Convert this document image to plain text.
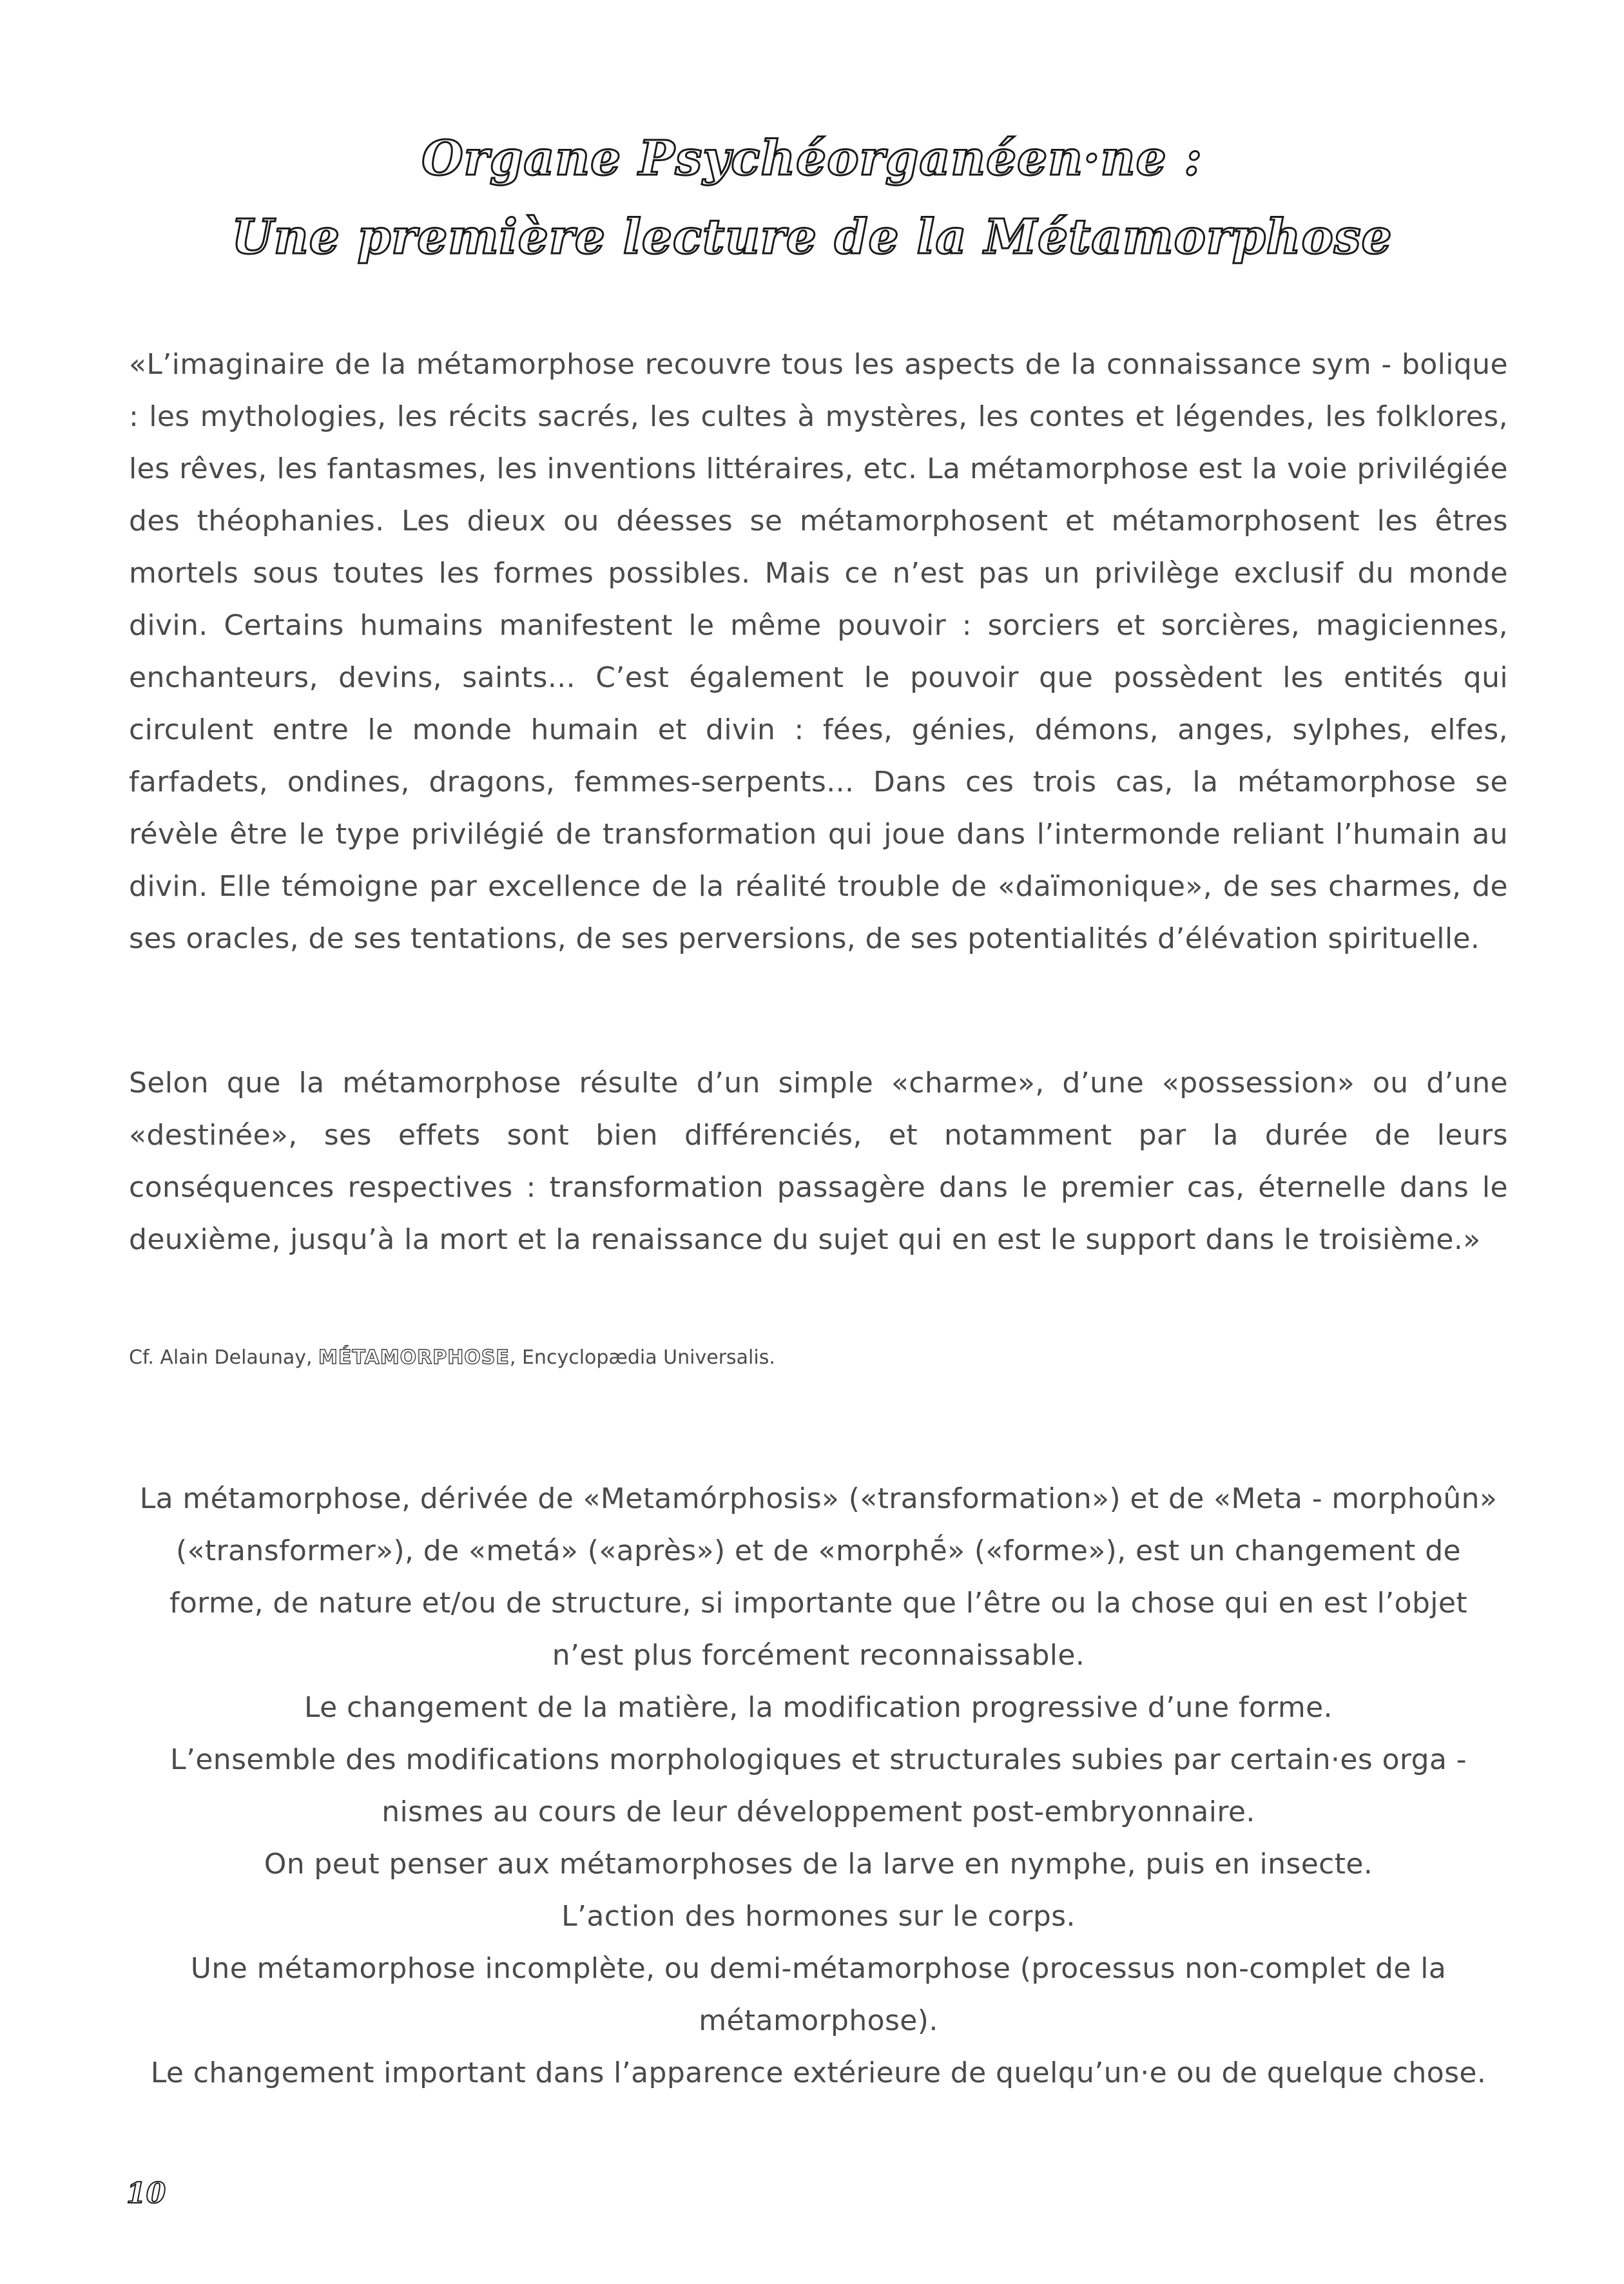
Organe Psychéorganéen·ne :
Une première lecture de la Métamorphose
«L’imaginaire de la métamorphose recouvre tous les aspects de la connaissance sym - bolique : les mythologies, les récits sacrés, les cultes à mystères, les contes et légendes, les folklores, les rêves, les fantasmes, les inventions littéraires, etc. La métamorphose est la voie privilégiée des théophanies. Les dieux ou déesses se métamorphosent et métamorphosent les êtres mortels sous toutes les formes possibles. Mais ce n’est pas un privilège exclusif du monde divin. Certains humains manifestent le même pouvoir : sorciers et sorcières, magiciennes, enchanteurs, devins, saints... C’est également le pouvoir que possèdent les entités qui circulent entre le monde humain et divin : fées, génies, démons, anges, sylphes, elfes, farfadets, ondines, dragons, femmes-serpents... Dans ces trois cas, la métamorphose se révèle être le type privilégié de transformation qui joue dans l’intermonde reliant l’humain au divin. Elle témoigne par excellence de la réalité trouble de «daïmonique», de ses charmes, de ses oracles, de ses tentations, de ses perversions, de ses potentialités d’élévation spirituelle.
Selon que la métamorphose résulte d’un simple «charme», d’une «possession» ou d’une «destinée», ses effets sont bien différenciés, et notamment par la durée de leurs conséquences respectives : transformation passagère dans le premier cas, éternelle dans le deuxième, jusqu’à la mort et la renaissance du sujet qui en est le support dans le troisième.»
Cf. Alain Delaunay, MÉTAMORPHOSE, Encyclopædia Universalis.

La métamorphose, dérivée de «Metamórphosis» («transformation») et de «Meta - morphoûn» («transformer»), de «metá» («après») et de «morphḗ» («forme»), est un changement de forme, de nature et/ou de structure, si importante que l’être ou la chose qui en est l’objet n’est plus forcément reconnaissable.

Le changement de la matière, la modification progressive d’une forme.

L’ensemble des modifications morphologiques et structurales subies par certain·es orga - nismes au cours de leur développement post-embryonnaire.

On peut penser aux métamorphoses de la larve en nymphe, puis en insecte.

L’action des hormones sur le corps.

Une métamorphose incomplète, ou demi-métamorphose (processus non-complet de la métamorphose).

Le changement important dans l’apparence extérieure de quelqu’un·e ou de quelque chose.

10
